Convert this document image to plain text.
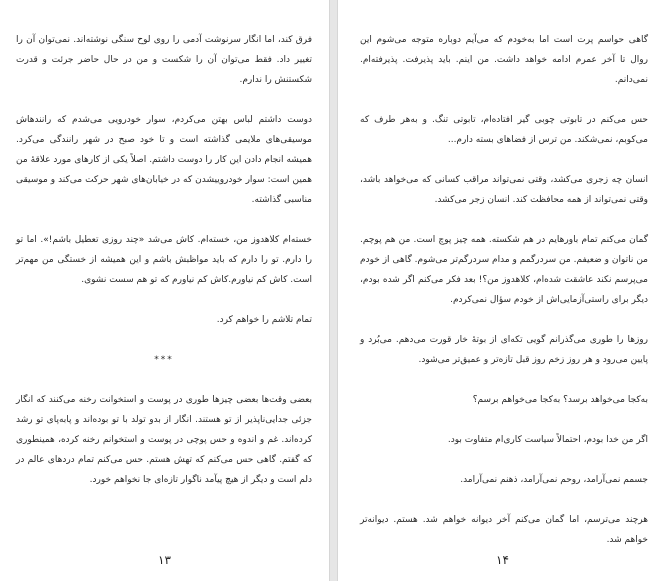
فرق کند، اما انگار سرنوشت آدمی را روی لوح سنگی نوشته‌اند. نمی‌توان آن را تغییر داد. فقط می‌توان آن را شکست و من در حال حاضر جرئت و قدرت شکستنش را ندارم.

دوست داشتم لباس بهتن می‌کردم، سوار خودرویی می‌شدم که رانندهاش موسیقی‌های ملایمی گذاشته است و تا خود صبح در شهر رانندگی می‌کرد. همیشه انجام دادن این کار را دوست داشتم. اصلاً یکی از کارهای مورد علاقهٔ من همین است: سوار خودروییشدن که در خیابان‌های شهر حرکت می‌کند و موسیقی مناسبی گذاشته.

خسته‌ام کلاهدوز من، خسته‌ام. کاش می‌شد «چند روزی تعطیل باشم!». اما تو را دارم. تو را دارم که باید مواظبش باشم و این همیشه از خستگی من مهم‌تر است. کاش کم نیاورم.کاش کم نیاورم که تو هم سست نشوی.

تمام تلاشم را خواهم کرد.

***

بعضی وقت‌ها بعضی چیزها طوری در پوست و استخوانت رخنه می‌کنند که انگار جزئی جدایی‌ناپذیر از تو هستند. انگار از بدو تولد با تو بوده‌اند و پابه‌پای تو رشد کرده‌اند. غم و اندوه و حس پوچی در پوست و استخوانم رخنه کرده، همینطوری که گفتم. گاهی حس می‌کنم که تهش هستم. حس می‌کنم تمام دردهای عالم در دلم است و دیگر از هیچ پیآمد ناگوار تازه‌ای جا نخواهم خورد.

۱۳

گاهی حواسم پرت است اما به‌خودم که می‌آیم دوباره متوجه می‌شوم این روال تا آخر عمرم ادامه خواهد داشت. من اینم. باید پذیرفت. پذیرفته‌ام. نمی‌دانم.

حس می‌کنم در تابوتی چوبی گیر افتاده‌ام، تابوتی تنگ. و به‌هر طرف که می‌کوبم، نمی‌شکند. من ترس از فضاهای بسته دارم...

انسان چه زجری می‌کشد، وقتی نمی‌تواند مراقب کسانی که می‌خواهد باشد، وقتی نمی‌تواند از همه محافظت کند. انسان زجر می‌کشد.

گمان می‌کنم تمام باورهایم در هم شکسته. همه چیز پوچ است. من هم پوچم. من ناتوان و ضعیفم. من سردرگمم و مدام سردرگم‌تر می‌شوم. گاهی از خودم می‌پرسم نکند عاشقت شده‌ام، کلاهدوز من؟! بعد فکر می‌کنم اگر شده بودم، دیگر برای راستی‌آزمایی‌اش از خودم سؤال نمی‌کردم.

روزها را طوری می‌گذرانم گویی تکه‌ای از بوتهٔ خار قورت می‌دهم. می‌بُرد و پایین می‌رود و هر روز زخم روز قبل تازه‌تر و عمیق‌تر می‌شود.

به‌کجا می‌خواهد برسد؟ به‌کجا می‌خواهم برسم؟

اگر من خدا بودم، احتمالاً سیاست کاری‌ام متفاوت بود.

جسمم نمی‌آرامد، روحم نمی‌آرامد، ذهنم نمی‌آرامد.

هرچند می‌ترسم، اما گمان می‌کنم آخر دیوانه خواهم شد. هستم. دیوانه‌تر خواهم شد.

۱۴
